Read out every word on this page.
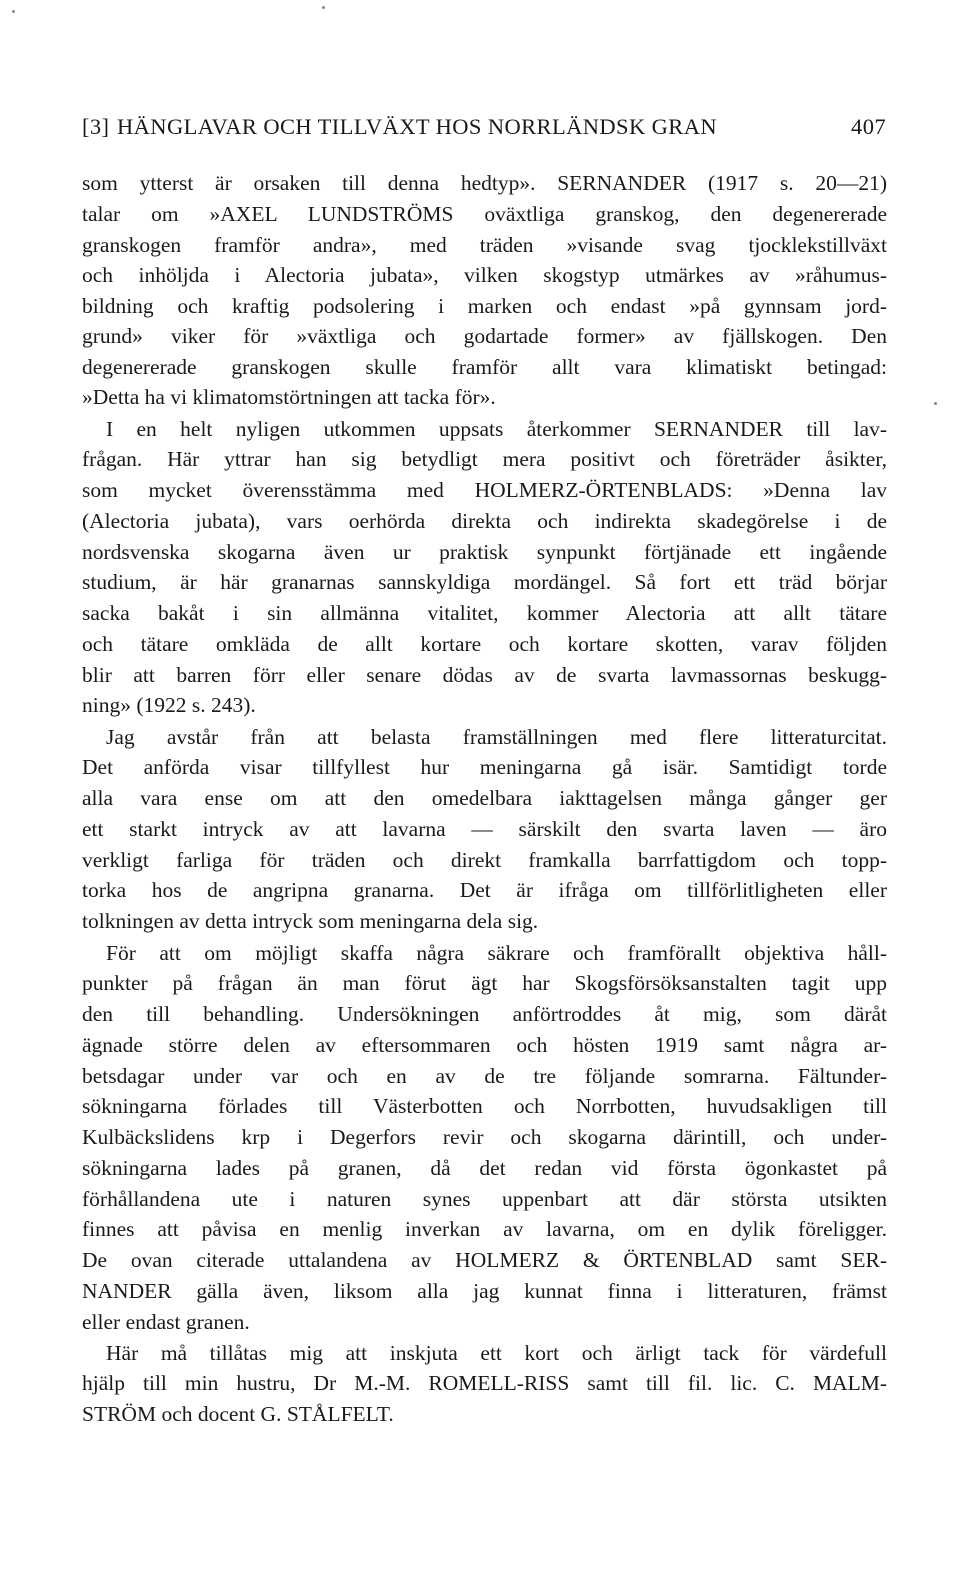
[3] HÄNGLAVAR OCH TILLVÄXT HOS NORRLÄNDSK GRAN	407
som ytterst är orsaken till denna hedtyp». SERNANDER (1917 s. 20—21)
talar om »AXEL LUNDSTRÖMS oväxtliga granskog, den degenererade
granskogen framför andra», med träden »visande svag tjocklekstillväxt
och inhöljda i Alectoria jubata», vilken skogstyp utmärkes av »råhumus-
bildning och kraftig podsolering i marken och endast »på gynnsam jord-
grund» viker för »växtliga och godartade former» av fjällskogen. Den
degenererade granskogen skulle framför allt vara klimatiskt betingad:
»Detta ha vi klimatomstörtningen att tacka för».
I en helt nyligen utkommen uppsats återkommer SERNANDER till lav-
frågan. Här yttrar han sig betydligt mera positivt och företräder åsikter,
som mycket överensstämma med HOLMERZ-ÖRTENBLADS: »Denna lav
(Alectoria jubata), vars oerhörda direkta och indirekta skadegörelse i de
nordsvenska skogarna även ur praktisk synpunkt förtjänade ett ingående
studium, är här granarnas sannskyldiga mordängel. Så fort ett träd börjar
sacka bakåt i sin allmänna vitalitet, kommer Alectoria att allt tätare
och tätare omkläda de allt kortare och kortare skotten, varav följden
blir att barren förr eller senare dödas av de svarta lavmassornas beskugg-
ning» (1922 s. 243).
Jag avstår från att belasta framställningen med flere litteraturcitat.
Det anförda visar tillfyllest hur meningarna gå isär. Samtidigt torde
alla vara ense om att den omedelbara iakttagelsen många gånger ger
ett starkt intryck av att lavarna — särskilt den svarta laven — äro
verkligt farliga för träden och direkt framkalla barrfattigdom och topp-
torka hos de angripna granarna. Det är ifråga om tillförlitligheten eller
tolkningen av detta intryck som meningarna dela sig.
För att om möjligt skaffa några säkrare och framförallt objektiva håll-
punkter på frågan än man förut ägt har Skogsförsöksanstalten tagit upp
den till behandling. Undersökningen anförtroddes åt mig, som däråt
ägnade större delen av eftersommaren och hösten 1919 samt några ar-
betsdagar under var och en av de tre följande somrarna. Fältunder-
sökningarna förlades till Västerbotten och Norrbotten, huvudsakligen till
Kulbäckslidens krp i Degerfors revir och skogarna därintill, och under-
sökningarna lades på granen, då det redan vid första ögonkastet på
förhållandena ute i naturen synes uppenbart att där största utsikten
finnes att påvisa en menlig inverkan av lavarna, om en dylik föreligger.
De ovan citerade uttalandena av HOLMERZ & ÖRTENBLAD samt SER-
NANDER gälla även, liksom alla jag kunnat finna i litteraturen, främst
eller endast granen.
Här må tillåtas mig att inskjuta ett kort och ärligt tack för värdefull
hjälp till min hustru, Dr M.-M. ROMELL-RISS samt till fil. lic. C. MALM-
STRÖM och docent G. STÅLFELT.
